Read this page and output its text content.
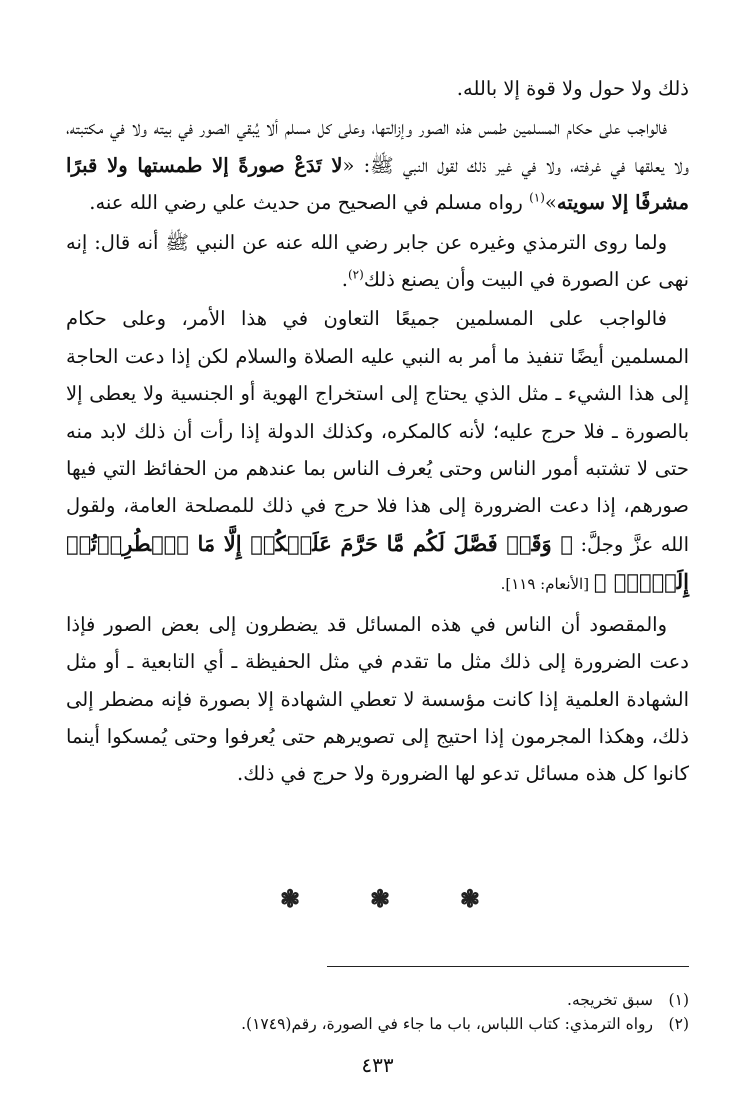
ذلك ولا حول ولا قوة إلا بالله.

فالواجب على حكام المسلمين طمس هذه الصور وإزالتها، وعلى كل مسلم ألا يُبقي الصور في بيته ولا في مكتبته، ولا يعلقها في غرفته، ولا في غير ذلك لقول النبي ﷺ: «لا تَدَعْ صورةً إلا طمستها ولا قبرًا مشرفًا إلا سويته»$^{(١)}$ رواه مسلم في الصحيح من حديث علي رضي الله عنه.

ولما روى الترمذي وغيره عن جابر رضي الله عنه عن النبي ﷺ أنه قال: إنه نهى عن الصورة في البيت وأن يصنع ذلك$^{(٢)}$.

فالواجب على المسلمين جميعًا التعاون في هذا الأمر، وعلى حكام المسلمين أيضًا تنفيذ ما أمر به النبي عليه الصلاة والسلام لكن إذا دعت الحاجة إلى هذا الشيء ـ مثل الذي يحتاج إلى استخراج الهوية أو الجنسية ولا يعطى إلا بالصورة ـ فلا حرج عليه؛ لأنه كالمكره، وكذلك الدولة إذا رأت أن ذلك لابد منه حتى لا تشتبه أمور الناس وحتى يُعرف الناس بما عندهم من الحفائظ التي فيها صورهم، إذا دعت الضرورة إلى هذا فلا حرج في ذلك للمصلحة العامة، ولقول الله عزَّ وجلَّ: ﴿ وَقَدۡ فَصَّلَ لَكُم مَّا حَرَّمَ عَلَيۡكُمۡ إِلَّا مَا ٱضۡطُرِرۡتُمۡ إِلَيۡهِۗ ﴾ [الأنعام: ١١٩].

والمقصود أن الناس في هذه المسائل قد يضطرون إلى بعض الصور فإذا دعت الضرورة إلى ذلك مثل ما تقدم في مثل الحفيظة ـ أي التابعية ـ أو مثل الشهادة العلمية إذا كانت مؤسسة لا تعطي الشهادة إلا بصورة فإنه مضطر إلى ذلك، وهكذا المجرمون إذا احتيج إلى تصويرهم حتى يُعرفوا وحتى يُمسكوا أينما كانوا كل هذه مسائل تدعو لها الضرورة ولا حرج في ذلك.

❃
❃
❃
(١)
سبق تخريجه.
(٢)
رواه الترمذي: كتاب اللباس، باب ما جاء في الصورة، رقم(١٧٤٩).
٤٣٣
